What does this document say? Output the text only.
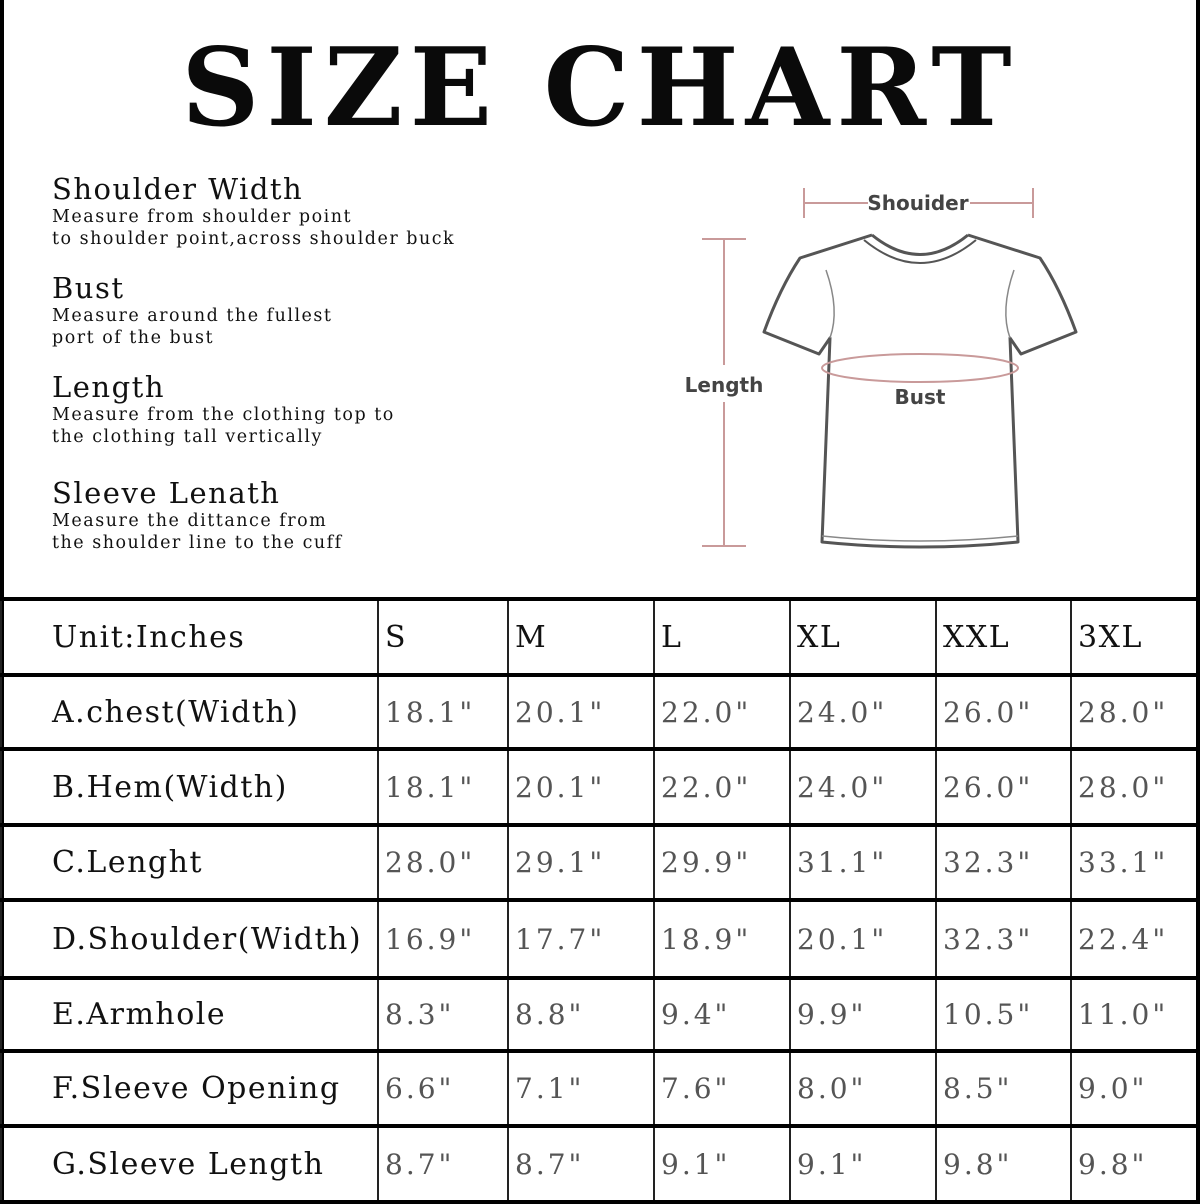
SIZE CHART
Shoulder Width
Measure from shoulder point
to shoulder point,across shoulder buck
Bust
Measure around the fullest
port of the bust
Length
Measure from the clothing top to
the clothing tall vertically
Sleeve Lenath
Measure the dittance from
the shoulder line to the cuff
Shouider
Length	Bust
Unit:Inches	S	M	L	XL	XXL	3XL
A.chest(Width)	18.1"	20.1"	22.0"	24.0"	26.0"	28.0"
B.Hem(Width)	18.1"	20.1"	22.0"	24.0"	26.0"	28.0"
C.Lenght	28.0"	29.1"	29.9"	31.1"	32.3"	33.1"
D.Shoulder(Width)	16.9"	17.7"	18.9"	20.1"	32.3"	22.4"
E.Armhole	8.3"	8.8"	9.4"	9.9"	10.5"	11.0"
F.Sleeve Opening	6.6"	7.1"	7.6"	8.0"	8.5"	9.0"
G.Sleeve Length	8.7"	8.7"	9.1"	9.1"	9.8"	9.8"
